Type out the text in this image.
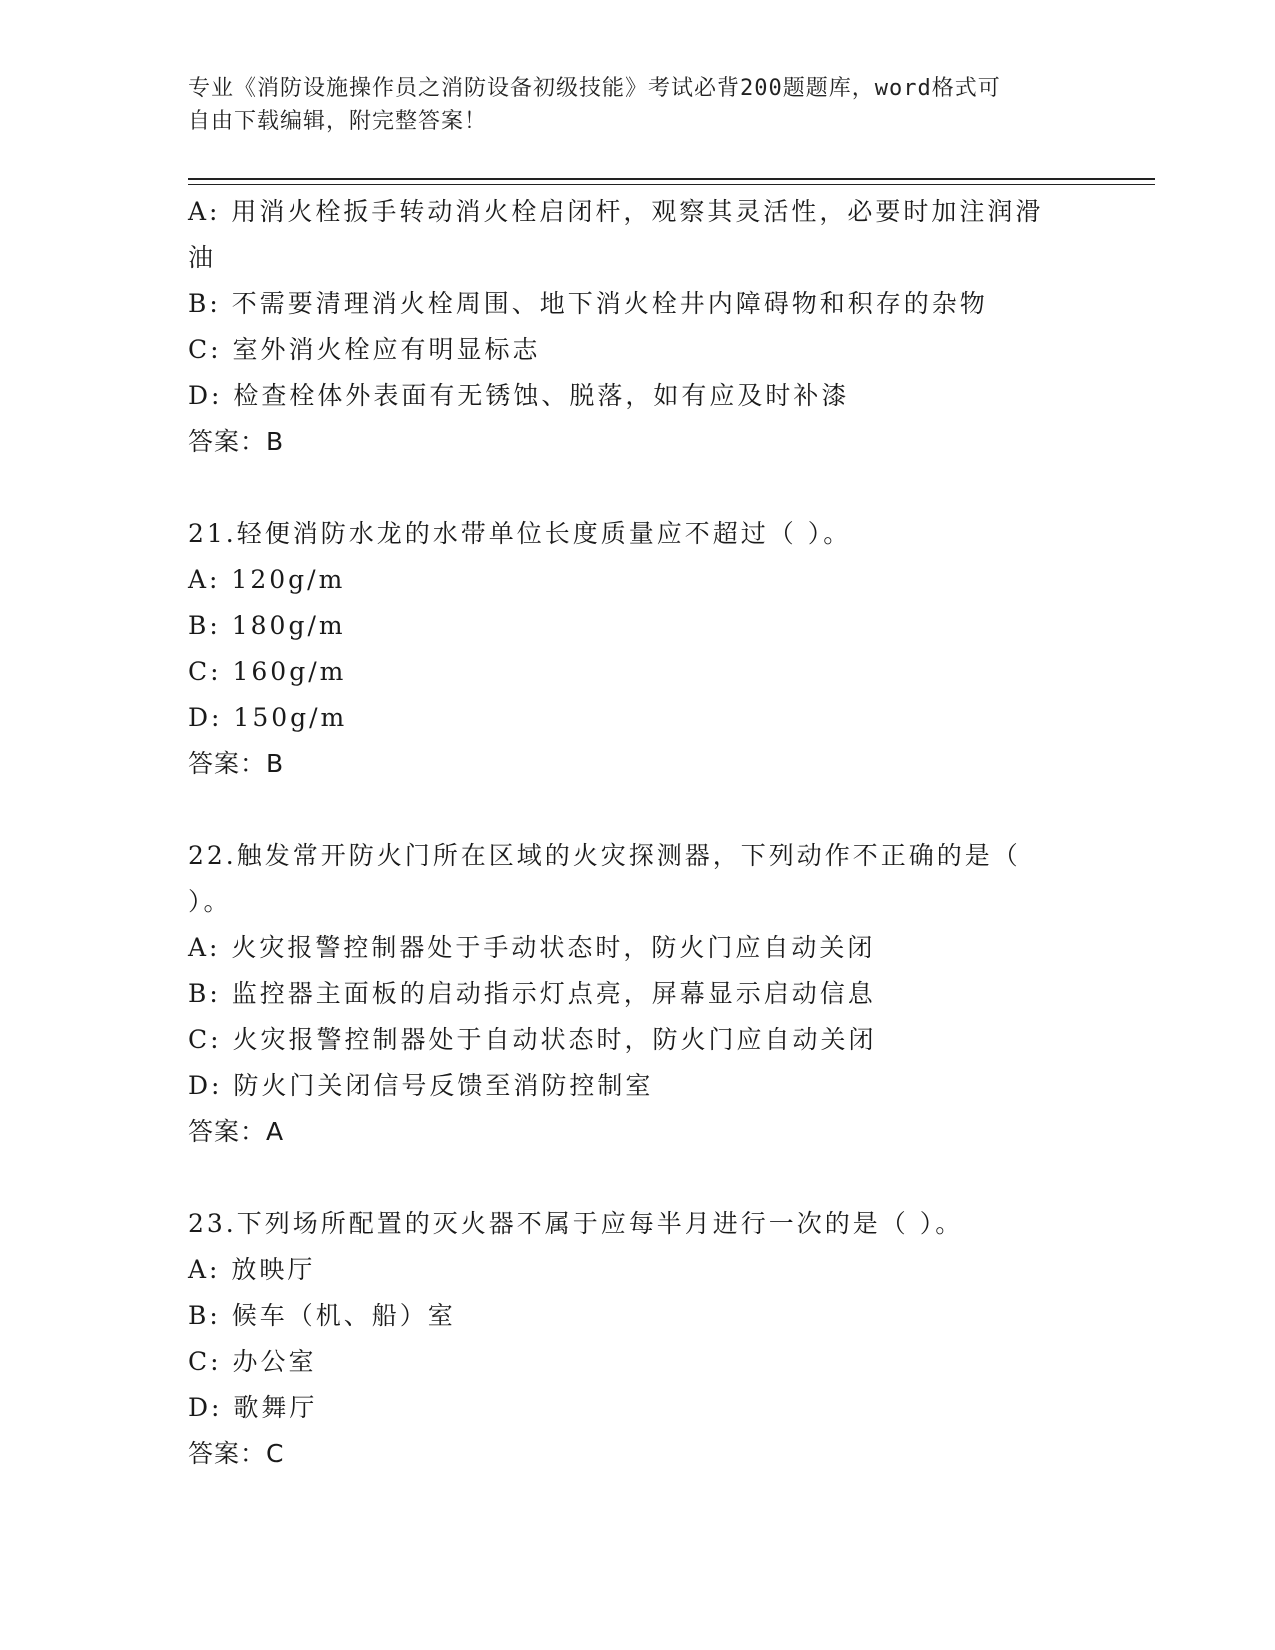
专业《消防设施操作员之消防设备初级技能》考试必背200题题库，word格式可
自由下载编辑，附完整答案！
A: 用消火栓扳手转动消火栓启闭杆，观察其灵活性，必要时加注润滑
油
B: 不需要清理消火栓周围、地下消火栓井内障碍物和积存的杂物
C: 室外消火栓应有明显标志
D: 检查栓体外表面有无锈蚀、脱落，如有应及时补漆
答案：B
21.轻便消防水龙的水带单位长度质量应不超过（ ）。
A: 120g/m
B: 180g/m
C: 160g/m
D: 150g/m
答案：B
22.触发常开防火门所在区域的火灾探测器，下列动作不正确的是（
）。
A: 火灾报警控制器处于手动状态时，防火门应自动关闭
B: 监控器主面板的启动指示灯点亮，屏幕显示启动信息
C: 火灾报警控制器处于自动状态时，防火门应自动关闭
D: 防火门关闭信号反馈至消防控制室
答案：A
23.下列场所配置的灭火器不属于应每半月进行一次的是（ ）。
A: 放映厅
B: 候车（机、船）室
C: 办公室
D: 歌舞厅
答案：C
